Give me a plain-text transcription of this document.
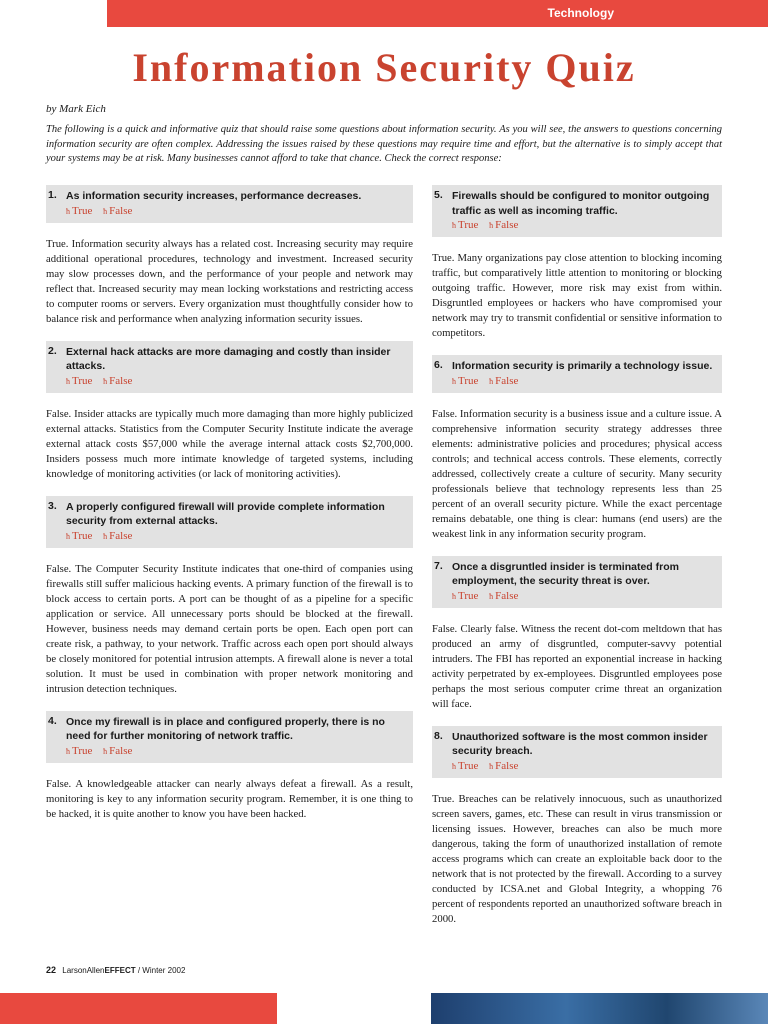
Technology
Information Security Quiz
by Mark Eich

The following is a quick and informative quiz that should raise some questions about information security. As you will see, the answers to questions concerning information security are often complex. Addressing the issues raised by these questions may require time and effort, but the alternative is to simply accept that your systems may be at risk. Many businesses cannot afford to take that chance. Check the correct response:

1. As information security increases, performance decreases.
ћ True ћ False

True. Information security always has a related cost. Increasing security may require additional operational procedures, technology and investment. Increased security may slow processes down, and the performance of your people and network may reflect that. Increased security may mean locking workstations and restricting access to computer rooms or servers. Every organization must thoughtfully consider how to balance risk and performance when analyzing information security issues.

2. External hack attacks are more damaging and costly than insider attacks.
ћ True ћ False

False. Insider attacks are typically much more damaging than more highly publicized external attacks. Statistics from the Computer Security Institute indicate the average external attack costs $57,000 while the average internal attack costs $2,700,000. Insiders possess much more intimate knowledge of targeted systems, including knowledge of monitoring activities (or lack of monitoring activities).

3. A properly configured firewall will provide complete information security from external attacks.
ћ True ћ False

False. The Computer Security Institute indicates that one-third of companies using firewalls still suffer malicious hacking events. A primary function of the firewall is to block access to certain ports. A port can be thought of as a pipeline for a specific application or service. All unnecessary ports should be blocked at the firewall. However, business needs may demand certain ports be open. Each open port can create risk, a pathway, to your network. Traffic across each open port should always be closely monitored for potential intrusion attempts. A firewall alone is never a total solution. It must be used in combination with proper network monitoring and intrusion detection techniques.

4. Once my firewall is in place and configured properly, there is no need for further monitoring of network traffic.
ћ True ћ False

False. A knowledgeable attacker can nearly always defeat a firewall. As a result, monitoring is key to any information security program. Remember, it is one thing to be hacked, it is quite another to know you have been hacked.

5. Firewalls should be configured to monitor outgoing traffic as well as incoming traffic.
ћ True ћ False

True. Many organizations pay close attention to blocking incoming traffic, but comparatively little attention to monitoring or blocking outgoing traffic. However, more risk may exist from within. Disgruntled employees or hackers who have compromised your network may try to transmit confidential or sensitive information to competitors.

6. Information security is primarily a technology issue.
ћ True ћ False

False. Information security is a business issue and a culture issue. A comprehensive information security strategy addresses three elements: administrative policies and procedures; physical access controls; and technical access controls. These elements, correctly addressed, collectively create a culture of security. Many security professionals believe that technology represents less than 25 percent of an overall security picture. While the exact percentage remains debatable, one thing is clear: humans (end users) are the weakest link in any information security program.

7. Once a disgruntled insider is terminated from employment, the security threat is over.
ћ True ћ False

False. Clearly false. Witness the recent dot-com meltdown that has produced an army of disgruntled, computer-savvy potential intruders. The FBI has reported an exponential increase in hacking activity perpetrated by ex-employees. Disgruntled employees pose perhaps the most serious computer crime threat an organization will face.

8. Unauthorized software is the most common insider security breach.
ћ True ћ False

True. Breaches can be relatively innocuous, such as unauthorized screen savers, games, etc. These can result in virus transmission or licensing issues. However, breaches can also be much more dangerous, taking the form of unauthorized installation of remote access programs which can create an exploitable back door to the network that is not protected by the firewall. According to a survey conducted by ICSA.net and Global Integrity, a whopping 76 percent of respondents reported an unauthorized software breach in 2000.

22 LarsonAllenEFFECT / Winter 2002
